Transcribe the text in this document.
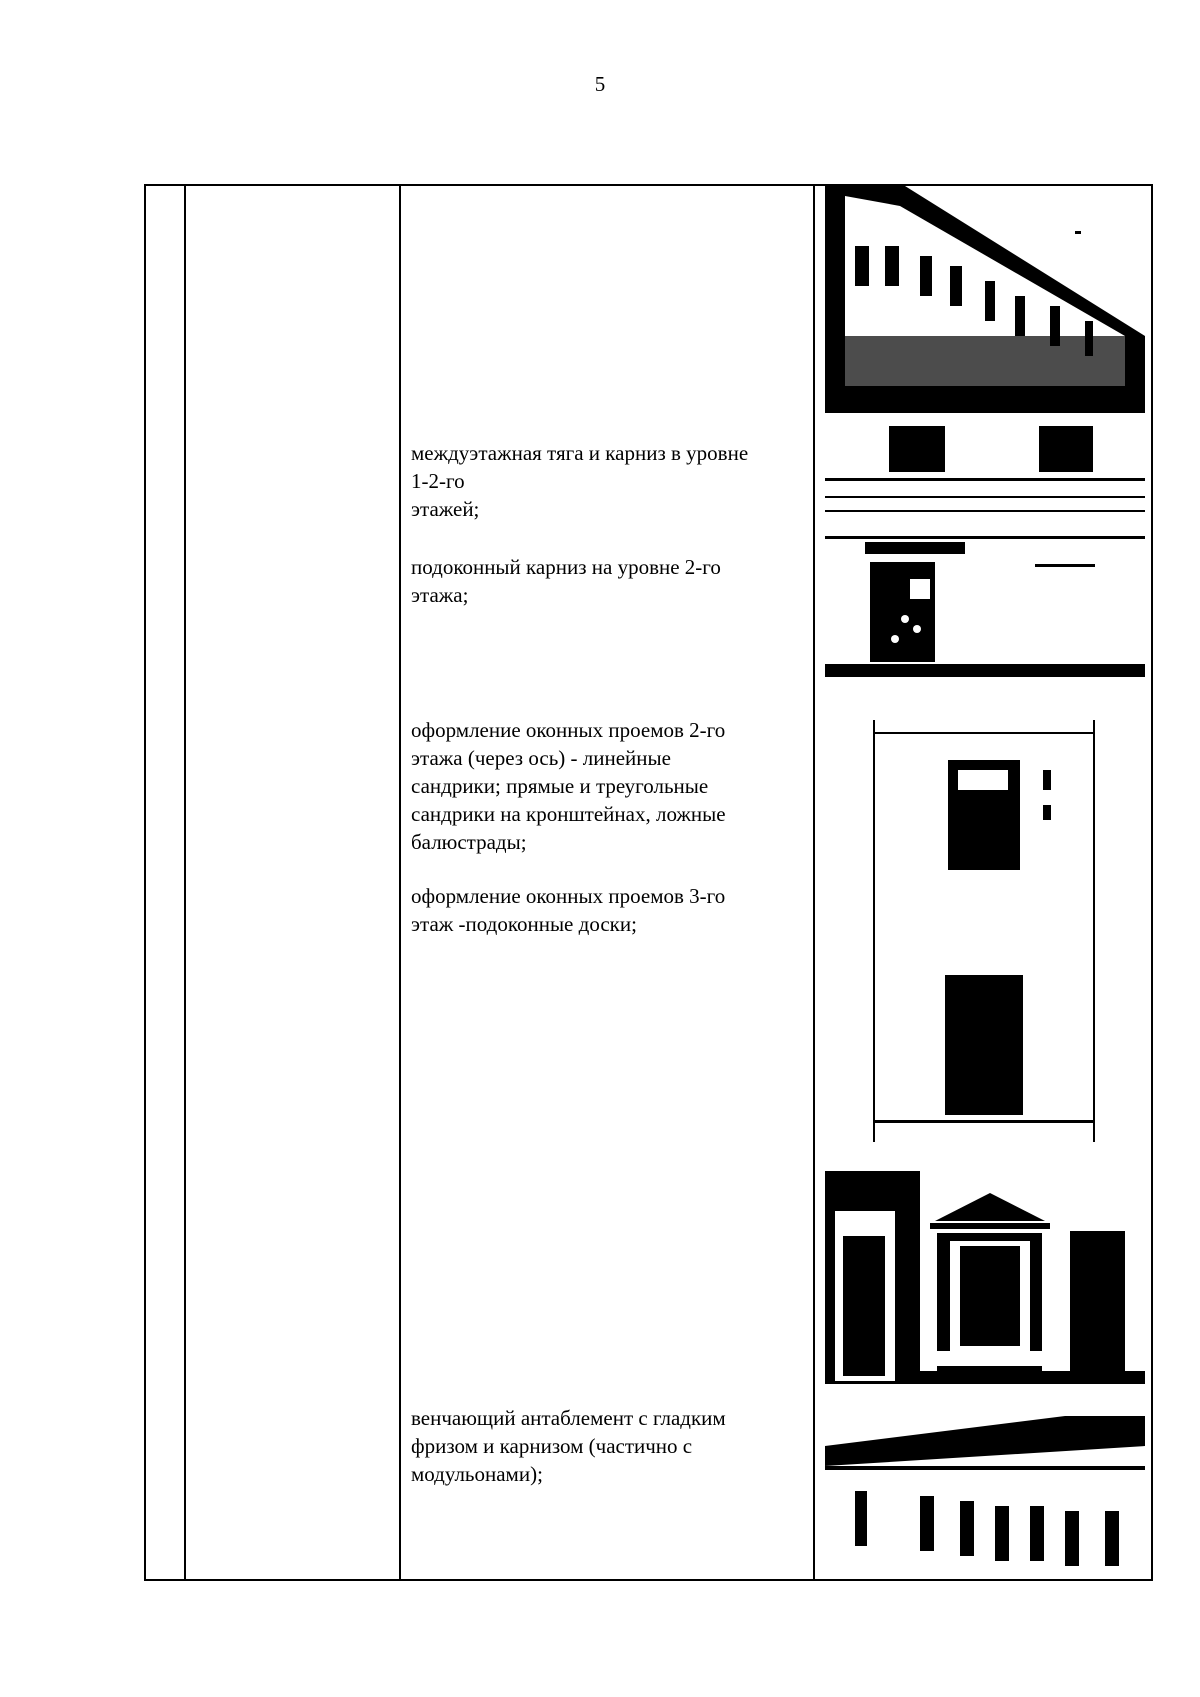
5
междуэтажная тяга и карниз в уровне
1-2-го
этажей;
подоконный карниз на уровне 2-го
этажа;
оформление оконных проемов 2-го
этажа (через ось) - линейные
сандрики; прямые и треугольные
сандрики на кронштейнах, ложные
балюстрады;
оформление оконных проемов 3-го
этаж -подоконные доски;
венчающий антаблемент с гладким
фризом и карнизом (частично с
модульонами);
